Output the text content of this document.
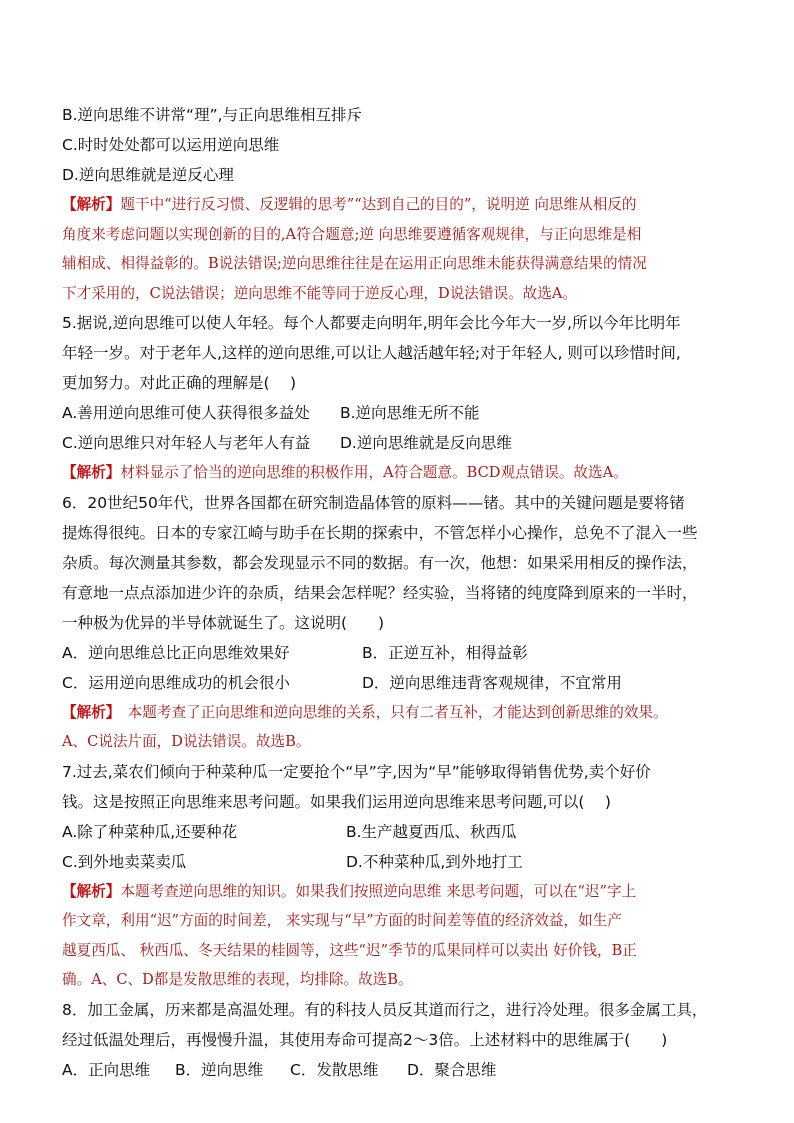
B.逆向思维不讲常“理”,与正向思维相互排斥
C.时时处处都可以运用逆向思维
D.逆向思维就是逆反心理
【解析】题干中“进行反习惯、反逻辑的思考”“达到自己的目的”，说明逆 向思维从相反的
角度来考虑问题以实现创新的目的,A符合题意;逆 向思维要遵循客观规律，与正向思维是相
辅相成、相得益彰的。B说法错误;逆向思维往往是在运用正向思维未能获得满意结果的情况
下才采用的，C说法错误；逆向思维不能等同于逆反心理，D说法错误。故选A。
5.据说,逆向思维可以使人年轻。每个人都要走向明年,明年会比今年大一岁,所以今年比明年
年轻一岁。对于老年人,这样的逆向思维,可以让人越活越年轻;对于年轻人, 则可以珍惜时间,
更加努力。对此正确的理解是(　 )
A.善用逆向思维可使人获得很多益处 B.逆向思维无所不能
C.逆向思维只对年轻人与老年人有益 D.逆向思维就是反向思维
【解析】材料显示了恰当的逆向思维的积极作用，A符合题意。BCD观点错误。故选A。
6．20世纪50年代，世界各国都在研究制造晶体管的原料——锗。其中的关键问题是要将锗
提炼得很纯。日本的专家江崎与助手在长期的探索中，不管怎样小心操作，总免不了混入一些
杂质。每次测量其参数，都会发现显示不同的数据。有一次，他想：如果采用相反的操作法，
有意地一点点添加进少许的杂质，结果会怎样呢？经实验，当将锗的纯度降到原来的一半时，
一种极为优异的半导体就诞生了。这说明(　　)
A．逆向思维总比正向思维效果好	B．正逆互补，相得益彰
C．运用逆向思维成功的机会很小	D．逆向思维违背客观规律，不宜常用
【解析】　本题考查了正向思维和逆向思维的关系，只有二者互补，才能达到创新思维的效果。
A、C说法片面，D说法错误。故选B。
7.过去,菜农们倾向于种菜种瓜一定要抢个“早”字,因为“早”能够取得销售优势,卖个好价
钱。这是按照正向思维来思考问题。如果我们运用逆向思维来思考问题,可以(　 )
A.除了种菜种瓜,还要种花	B.生产越夏西瓜、秋西瓜
C.到外地卖菜卖瓜	D.不种菜种瓜,到外地打工
【解析】本题考查逆向思维的知识。如果我们按照逆向思维 来思考问题，可以在“迟”字上
作文章，利用“迟”方面的时间差， 来实现与“早”方面的时间差等值的经济效益，如生产
越夏西瓜、 秋西瓜、冬天结果的桂圆等，这些“迟”季节的瓜果同样可以卖出 好价钱，B正
确。A、C、D都是发散思维的表现，均排除。故选B。
8．加工金属，历来都是高温处理。有的科技人员反其道而行之，进行冷处理。很多金属工具，
经过低温处理后，再慢慢升温，其使用寿命可提高2～3倍。上述材料中的思维属于(　　)
A．正向思维 B．逆向思维 C．发散思维 D．聚合思维
